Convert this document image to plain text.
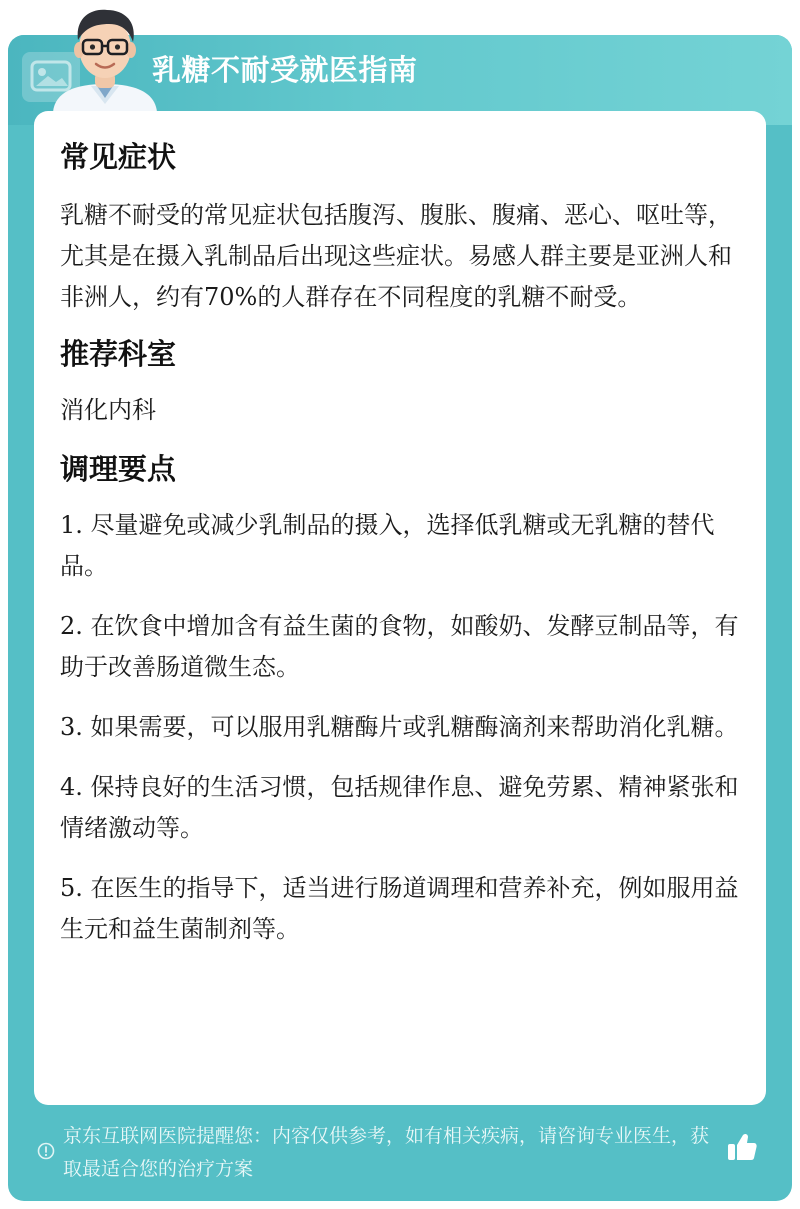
乳糖不耐受就医指南
常见症状

乳糖不耐受的常见症状包括腹泻、腹胀、腹痛、恶心、呕吐等，尤其是在摄入乳制品后出现这些症状。易感人群主要是亚洲人和非洲人，约有70%的人群存在不同程度的乳糖不耐受。

推荐科室

消化内科

调理要点

1. 尽量避免或减少乳制品的摄入，选择低乳糖或无乳糖的替代品。

2. 在饮食中增加含有益生菌的食物，如酸奶、发酵豆制品等，有助于改善肠道微生态。

3. 如果需要，可以服用乳糖酶片或乳糖酶滴剂来帮助消化乳糖。

4. 保持良好的生活习惯，包括规律作息、避免劳累、精神紧张和情绪激动等。

5. 在医生的指导下，适当进行肠道调理和营养补充，例如服用益生元和益生菌制剂等。

京东互联网医院提醒您：内容仅供参考，如有相关疾病，请咨询专业医生，获取最适合您的治疗方案
